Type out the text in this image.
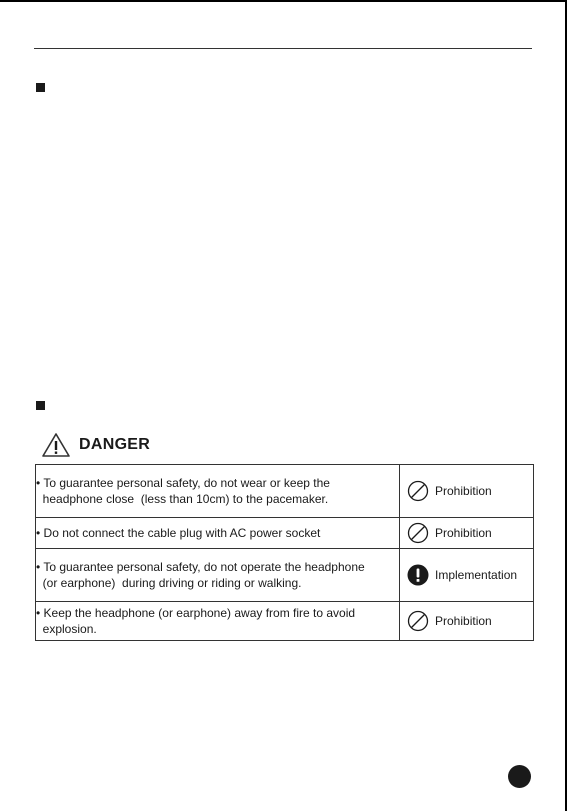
DANGER
• To guarantee personal safety, do not wear or keep the
headphone close  (less than 10cm) to the pacemaker.	Prohibition

• Do not connect the cable plug with AC power socket	Prohibition

• To guarantee personal safety, do not operate the headphone
(or earphone)  during driving or riding or walking.	Implementation

• Keep the headphone (or earphone) away from fire to avoid
explosion.	Prohibition
